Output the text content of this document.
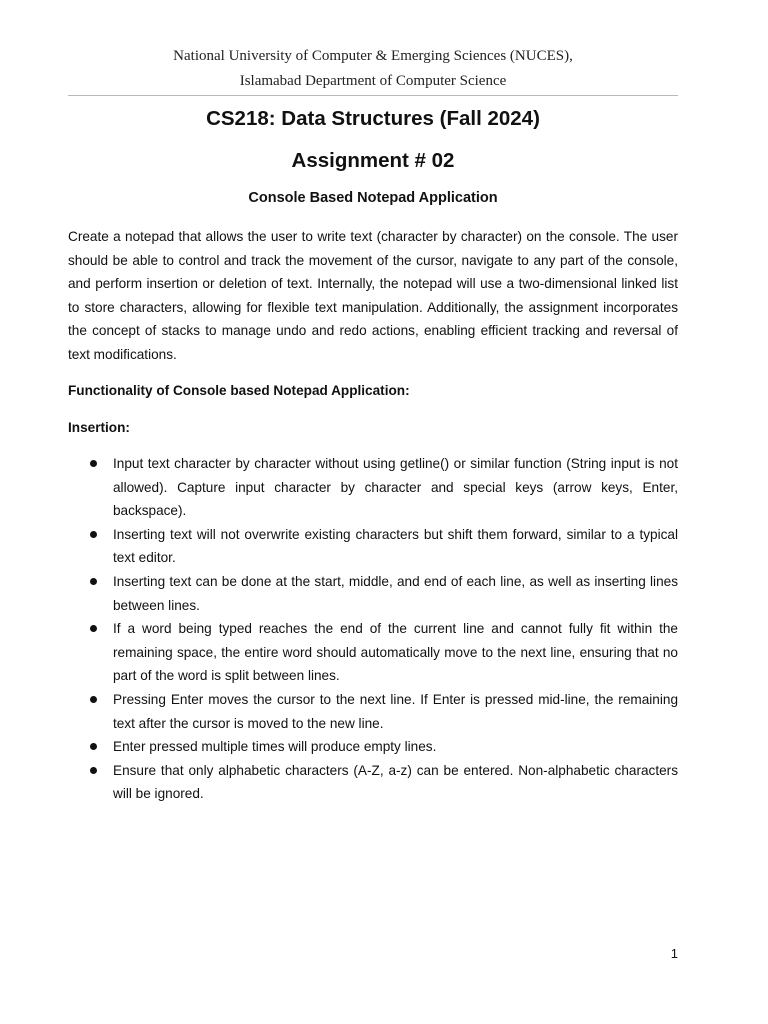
National University of Computer & Emerging Sciences (NUCES),
Islamabad Department of Computer Science
CS218: Data Structures (Fall 2024)
Assignment # 02
Console Based Notepad Application

Create a notepad that allows the user to write text (character by character) on the console. The user should be able to control and track the movement of the cursor, navigate to any part of the console, and perform insertion or deletion of text. Internally, the notepad will use a two-dimensional linked list to store characters, allowing for flexible text manipulation. Additionally, the assignment incorporates the concept of stacks to manage undo and redo actions, enabling efficient tracking and reversal of text modifications.

Functionality of Console based Notepad Application:
Insertion:
Input text character by character without using getline() or similar function (String input is not allowed). Capture input character by character and special keys (arrow keys, Enter, backspace).
Inserting text will not overwrite existing characters but shift them forward, similar to a typical text editor.
Inserting text can be done at the start, middle, and end of each line, as well as inserting lines between lines.
If a word being typed reaches the end of the current line and cannot fully fit within the remaining space, the entire word should automatically move to the next line, ensuring that no part of the word is split between lines.
Pressing Enter moves the cursor to the next line. If Enter is pressed mid-line, the remaining text after the cursor is moved to the new line.
Enter pressed multiple times will produce empty lines.
Ensure that only alphabetic characters (A-Z, a-z) can be entered. Non-alphabetic characters will be ignored.
1
